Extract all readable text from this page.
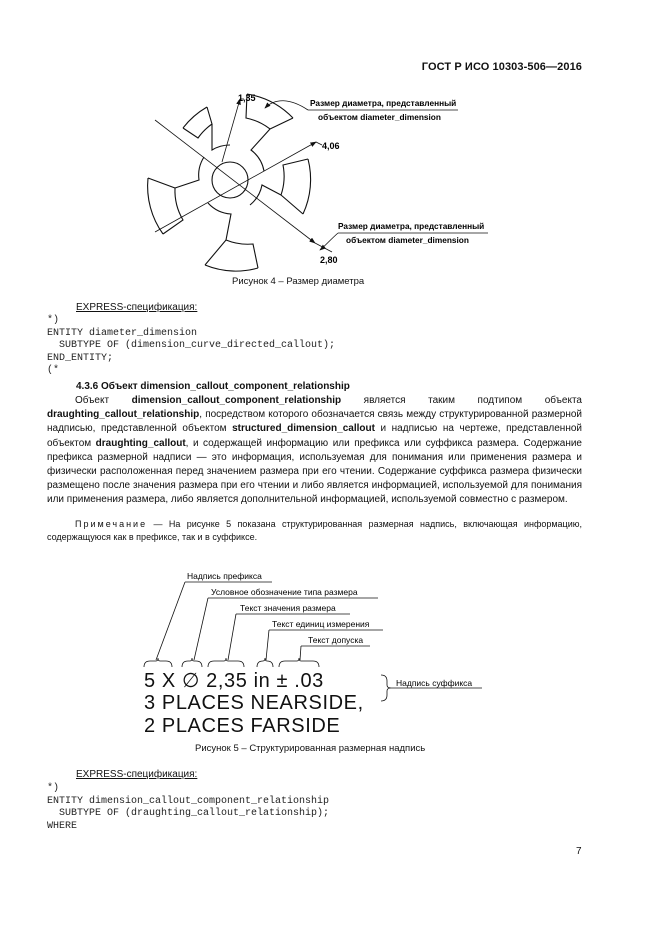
ГОСТ Р ИСО 10303-506—2016
1,35
4,06
2,80
Размер диаметра, представленный
объектом diameter_dimension
Размер диаметра, представленный
объектом diameter_dimension
Рисунок 4 – Размер диаметра
EXPRESS-спецификация:
*)
ENTITY diameter_dimension
SUBTYPE OF (dimension_curve_directed_callout);
END_ENTITY;
(*
4.3.6 Объект dimension_callout_component_relationship

Объект dimension_callout_component_relationship является таким подтипом объекта draughting_callout_relationship, посредством которого обозначается связь между структурированной размерной надписью, представленной объектом structured_dimension_callout и надписью на чертеже, представленной объектом draughting_callout, и содержащей информацию или префикса или суффикса размера. Содержание префикса размерной надписи — это информация, используемая для понимания или применения размера и физически расположенная перед значением размера при его чтении. Содержание суффикса размера физически размещено после значения размера при его чтении и либо является информацией, используемой для понимания или применения размера, либо является дополнительной информацией, используемой совместно с размером.

Примечание — На рисунке 5 показана структурированная размерная надпись, включающая информацию, содержащуюся как в префиксе, так и в суффиксе.

Надпись префикса
Условное обозначение типа размера
Текст значения размера
Текст единиц измерения
Текст допуска
Надпись суффикса
5 X ∅ 2,35 in ± .03
3 PLACES NEARSIDE,
2 PLACES FARSIDE
Рисунок 5 – Структурированная размерная надпись
EXPRESS-спецификация:
*)
ENTITY dimension_callout_component_relationship
SUBTYPE OF (draughting_callout_relationship);
WHERE
7
